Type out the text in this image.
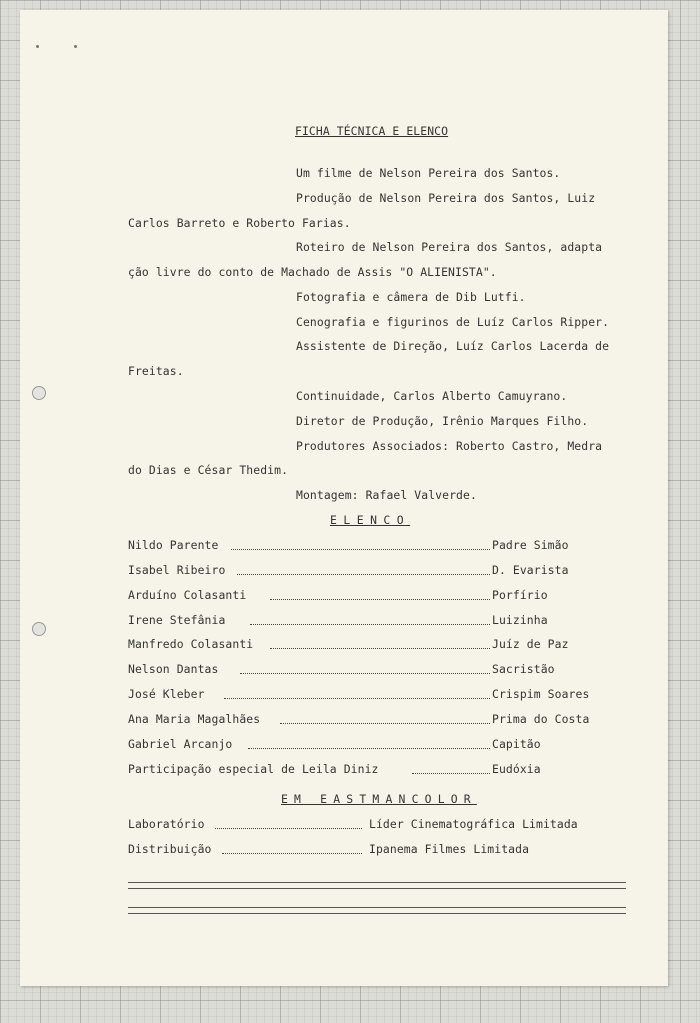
FICHA TÉCNICA E ELENCO
Um filme de Nelson Pereira dos Santos.
Produção de Nelson Pereira dos Santos, Luiz
Carlos Barreto e Roberto Farias.
Roteiro de Nelson Pereira dos Santos, adapta
ção livre do conto de Machado de Assis "O ALIENISTA".
Fotografia e câmera de Dib Lutfi.
Cenografia e figurinos de Luíz Carlos Ripper.
Assistente de Direção, Luíz Carlos Lacerda de
Freitas.
Continuidade, Carlos Alberto Camuyrano.
Diretor de Produção, Irênio Marques Filho.
Produtores Associados: Roberto Castro, Medra
do Dias e César Thedim.
Montagem: Rafael Valverde.
ELENCO
Nildo Parente	Padre Simão
Isabel Ribeiro	D. Evarista
Arduíno Colasanti	Porfírio
Irene Stefânia	Luizinha
Manfredo Colasanti	Juíz de Paz
Nelson Dantas	Sacristão
José Kleber	Crispim Soares
Ana Maria Magalhães	Prima do Costa
Gabriel Arcanjo	Capitão
Participação especial de Leila Diniz	Eudóxia
EM EASTMANCOLOR
Laboratório	Líder Cinematográfica Limitada
Distribuição	Ipanema Filmes Limitada
